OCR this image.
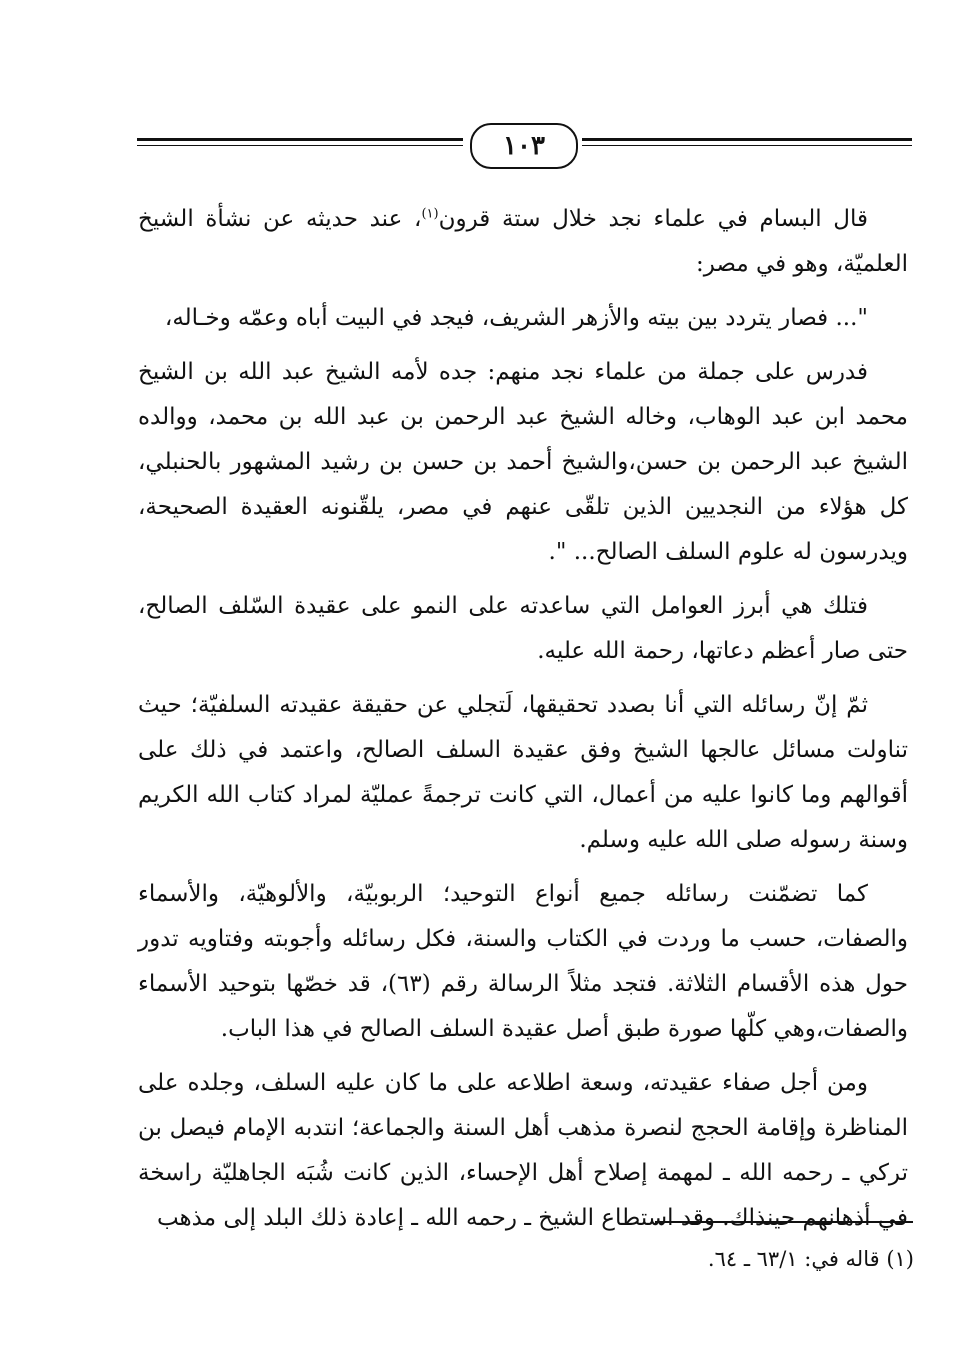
١٠٣

قال البسام في علماء نجد خلال ستة قرون$^{(١)}$، عند حديثه عن نشأة الشيخ العلميّة، وهو في مصر:

"... فصار يتردد بين بيته والأزهر الشريف، فيجد في البيت أباه وعمّه وخـاله،

فدرس على جملة من علماء نجد منهم: جده لأمه الشيخ عبد الله بن الشيخ محمد ابن عبد الوهاب، وخاله الشيخ عبد الرحمن بن عبد الله بن محمد، ووالده الشيخ عبد الرحمن بن حسن،والشيخ أحمد بن حسن بن رشيد المشهور بالحنبلي، كل هؤلاء من النجديين الذين تلقّى عنهم في مصر، يلقّنونه العقيدة الصحيحة، ويدرسون له علوم السلف الصالح... ".

فتلك هي أبرز العوامل التي ساعدته على النمو على عقيدة السّلف الصالح، حتى صار أعظم دعاتها، رحمة الله عليه.

ثمّ إنّ رسائله التي أنا بصدد تحقيقها، لَتجلي عن حقيقة عقيدته السلفيّة؛ حيث تناولت مسائل عالجها الشيخ وفق عقيدة السلف الصالح، واعتمد في ذلك على أقوالهم وما كانوا عليه من أعمال، التي كانت ترجمةً عمليّة لمراد كتاب الله الكريم وسنة رسوله صلى الله عليه وسلم.

كما تضمّنت رسائله جميع أنواع التوحيد؛ الربوبيّة، والألوهيّة، والأسماء والصفات، حسب ما وردت في الكتاب والسنة، فكل رسائله وأجوبته وفتاويه تدور حول هذه الأقسام الثلاثة. فتجد مثلاً الرسالة رقم (٦٣)، قد خصّها بتوحيد الأسماء والصفات،وهي كلّها صورة طبق أصل عقيدة السلف الصالح في هذا الباب.

ومن أجل صفاء عقيدته، وسعة اطلاعه على ما كان عليه السلف، وجلده على المناظرة وإقامة الحجج لنصرة مذهب أهل السنة والجماعة؛ انتدبه الإمام فيصل بن تركي ـ رحمه الله ـ لمهمة إصلاح أهل الإحساء، الذين كانت شُبَه الجاهليّة راسخة في أذهانهم حينذاك. وقد استطاع الشيخ ـ رحمه الله ـ إعادة ذلك البلد إلى مذهب

(١) قاله في: ٦٣/١ ـ ٦٤.
